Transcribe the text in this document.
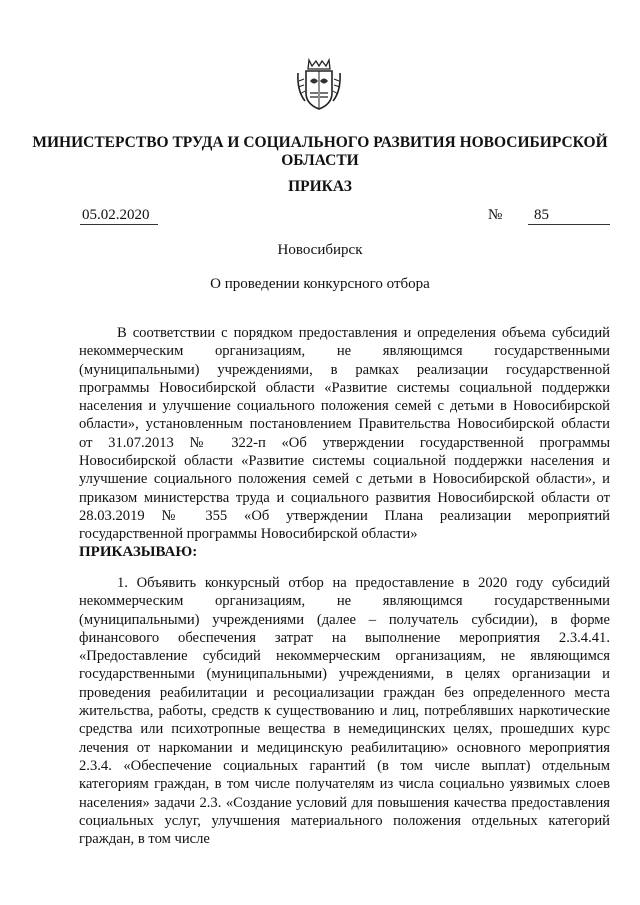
МИНИСТЕРСТВО ТРУДА И СОЦИАЛЬНОГО РАЗВИТИЯ НОВОСИБИРСКОЙ ОБЛАСТИ
ПРИКАЗ
05.02.2020	№	85
Новосибирск
О проведении конкурсного отбора
В соответствии с порядком предоставления и определения объема субсидий некоммерческим организациям, не являющимся государственными (муниципальными) учреждениями, в рамках реализации государственной программы Новосибирской области «Развитие системы социальной поддержки населения и улучшение социального положения семей с детьми в Новосибирской области», установленным постановлением Правительства Новосибирской области от 31.07.2013 № 322-п «Об утверждении государственной программы Новосибирской области «Развитие системы социальной поддержки населения и улучшение социального положения семей с детьми в Новосибирской области», и приказом министерства труда и социального развития Новосибирской области от 28.03.2019 № 355 «Об утверждении Плана реализации мероприятий государственной программы Новосибирской области»
ПРИКАЗЫВАЮ:
1. Объявить конкурсный отбор на предоставление в 2020 году субсидий некоммерческим организациям, не являющимся государственными (муниципальными) учреждениями (далее – получатель субсидии), в форме финансового обеспечения затрат на выполнение мероприятия 2.3.4.41. «Предоставление субсидий некоммерческим организациям, не являющимся государственными (муниципальными) учреждениями, в целях организации и проведения реабилитации и ресоциализации граждан без определенного места жительства, работы, средств к существованию и лиц, потреблявших наркотические средства или психотропные вещества в немедицинских целях, прошедших курс лечения от наркомании и медицинскую реабилитацию» основного мероприятия 2.3.4. «Обеспечение социальных гарантий (в том числе выплат) отдельным категориям граждан, в том числе получателям из числа социально уязвимых слоев населения» задачи 2.3. «Создание условий для повышения качества предоставления социальных услуг, улучшения материального положения отдельных категорий граждан, в том числе
